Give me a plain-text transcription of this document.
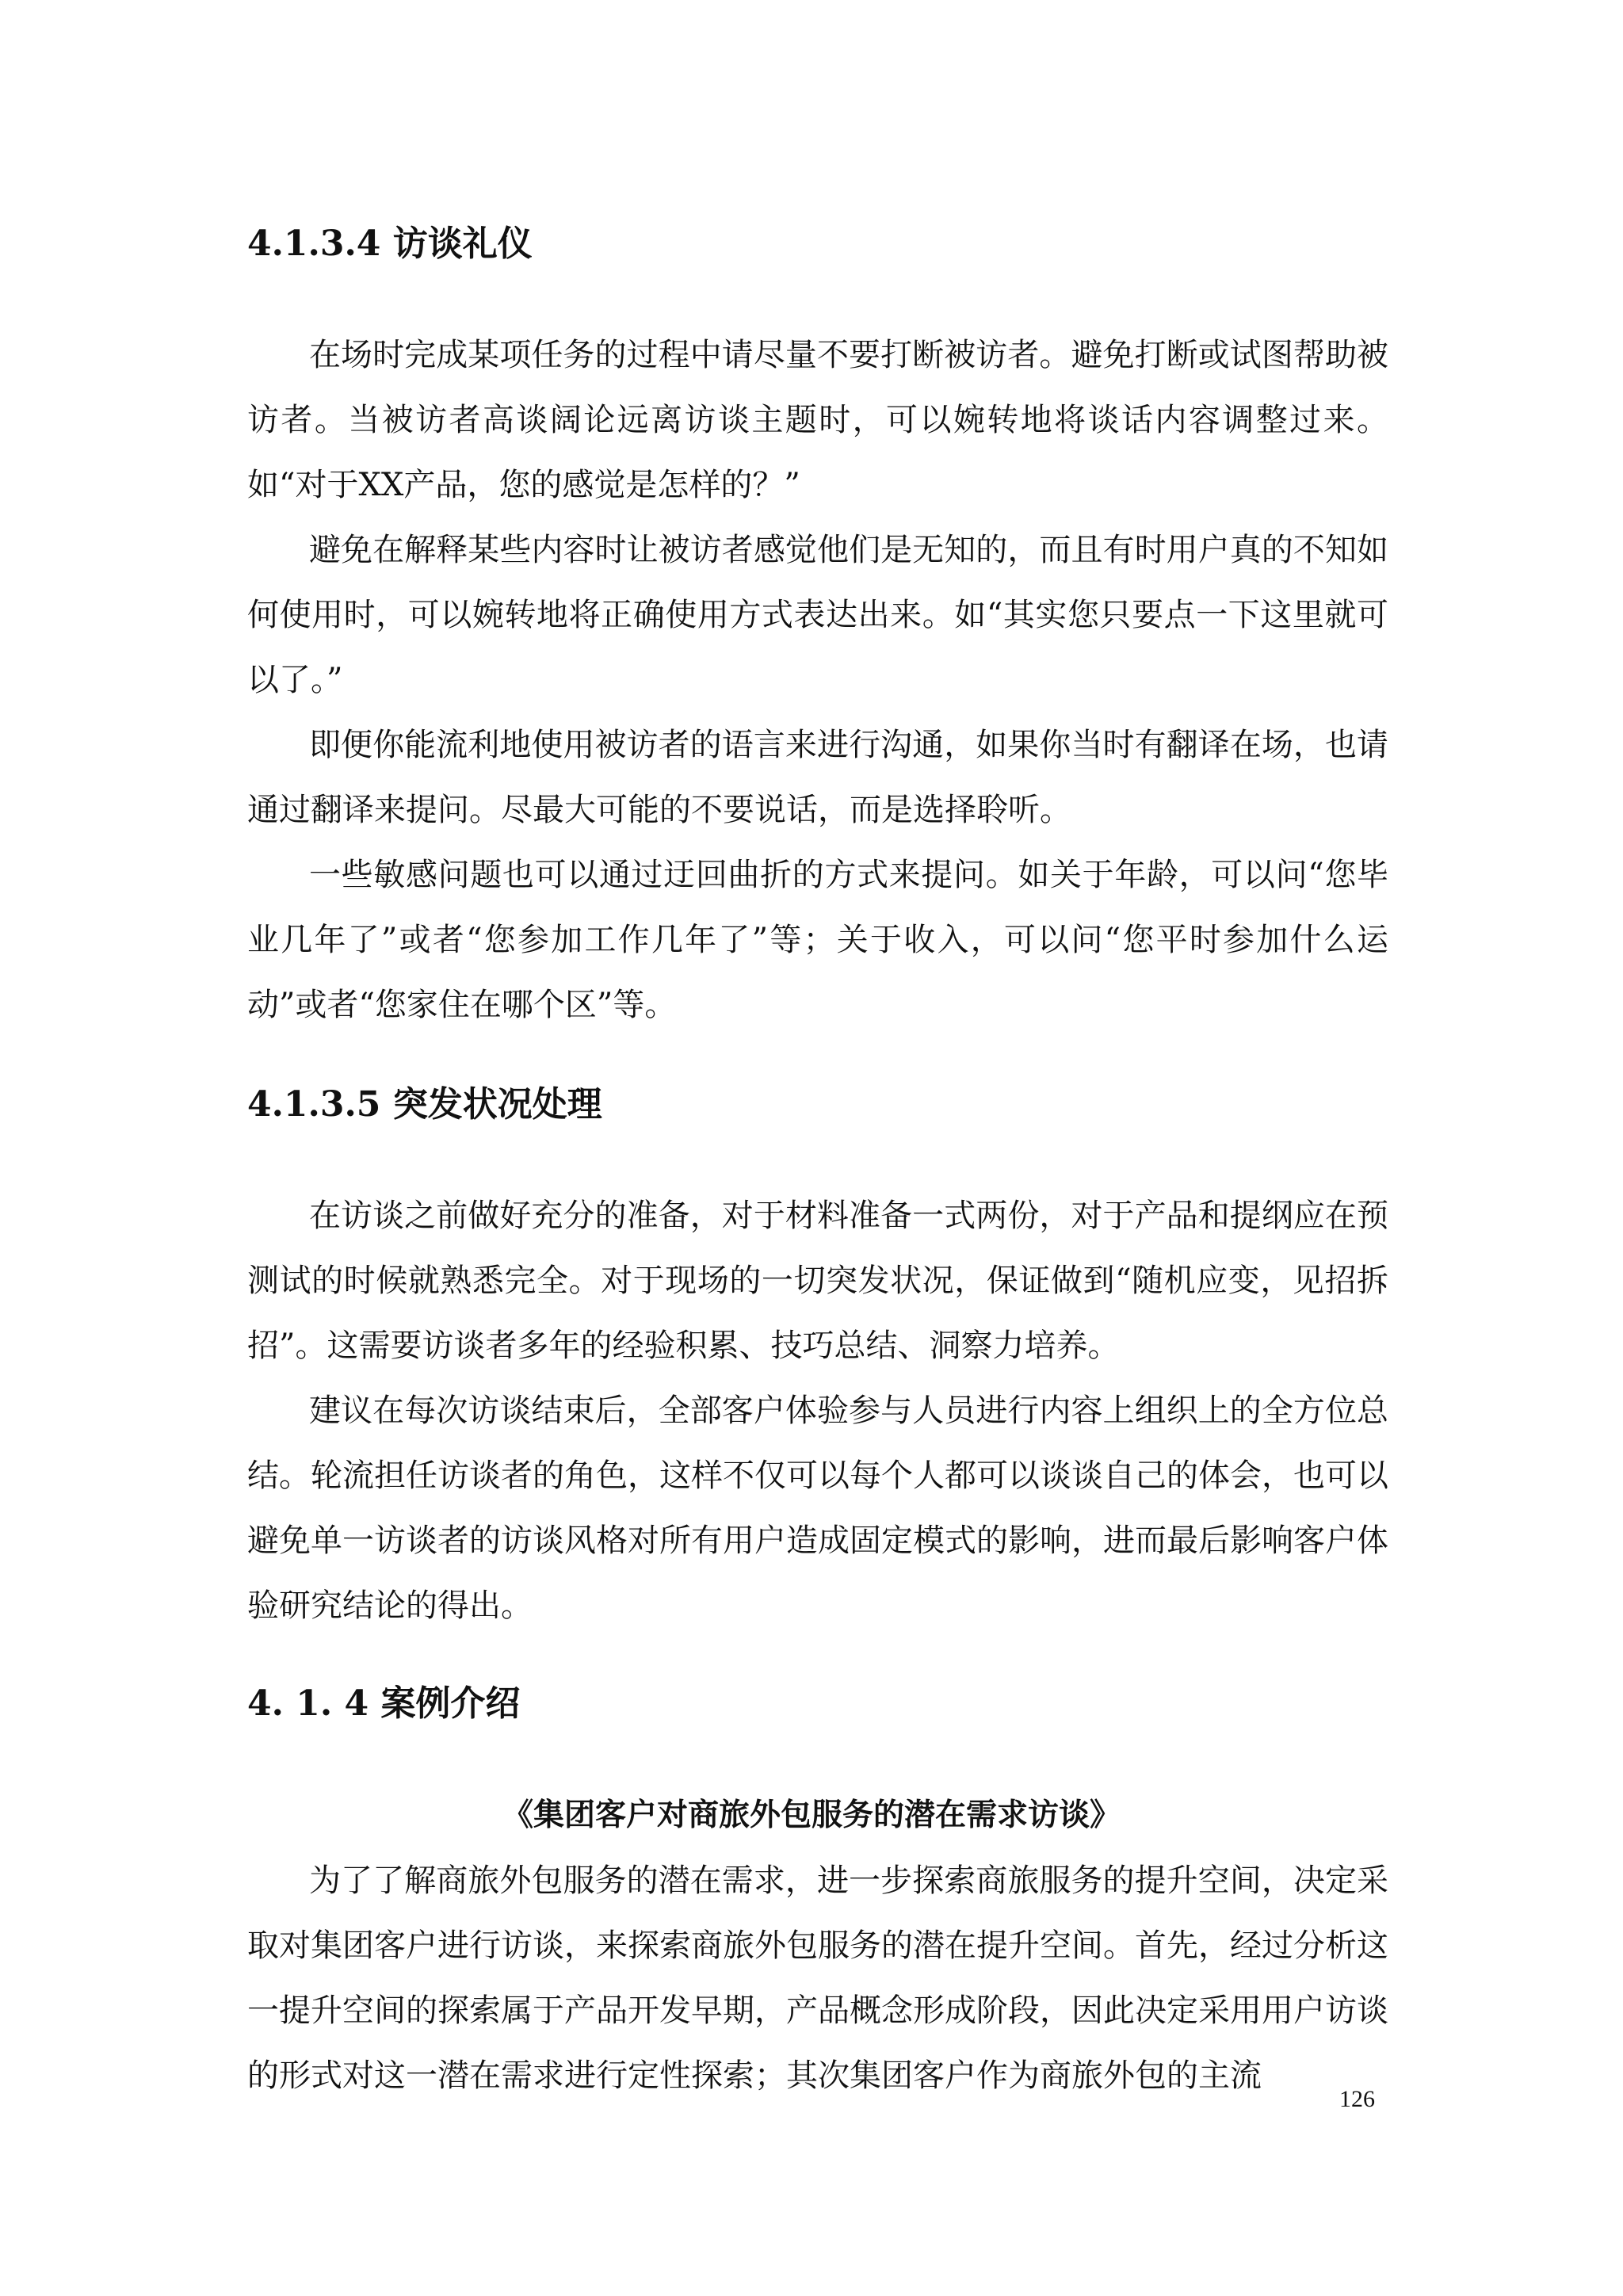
4.1.3.4 访谈礼仪

在场时完成某项任务的过程中请尽量不要打断被访者。避免打断或试图帮助被访者。当被访者高谈阔论远离访谈主题时，可以婉转地将谈话内容调整过来。如“对于XX产品，您的感觉是怎样的？”

避免在解释某些内容时让被访者感觉他们是无知的，而且有时用户真的不知如何使用时，可以婉转地将正确使用方式表达出来。如“其实您只要点一下这里就可以了。”

即便你能流利地使用被访者的语言来进行沟通，如果你当时有翻译在场，也请通过翻译来提问。尽最大可能的不要说话，而是选择聆听。

一些敏感问题也可以通过迂回曲折的方式来提问。如关于年龄，可以问“您毕业几年了”或者“您参加工作几年了”等；关于收入，可以问“您平时参加什么运动”或者“您家住在哪个区”等。

4.1.3.5 突发状况处理

在访谈之前做好充分的准备，对于材料准备一式两份，对于产品和提纲应在预测试的时候就熟悉完全。对于现场的一切突发状况，保证做到“随机应变，见招拆招”。这需要访谈者多年的经验积累、技巧总结、洞察力培养。

建议在每次访谈结束后，全部客户体验参与人员进行内容上组织上的全方位总结。轮流担任访谈者的角色，这样不仅可以每个人都可以谈谈自己的体会，也可以避免单一访谈者的访谈风格对所有用户造成固定模式的影响，进而最后影响客户体验研究结论的得出。

4. 1. 4 案例介绍
《集团客户对商旅外包服务的潜在需求访谈》

为了了解商旅外包服务的潜在需求，进一步探索商旅服务的提升空间，决定采取对集团客户进行访谈，来探索商旅外包服务的潜在提升空间。首先，经过分析这一提升空间的探索属于产品开发早期，产品概念形成阶段，因此决定采用用户访谈的形式对这一潜在需求进行定性探索；其次集团客户作为商旅外包的主流

126
